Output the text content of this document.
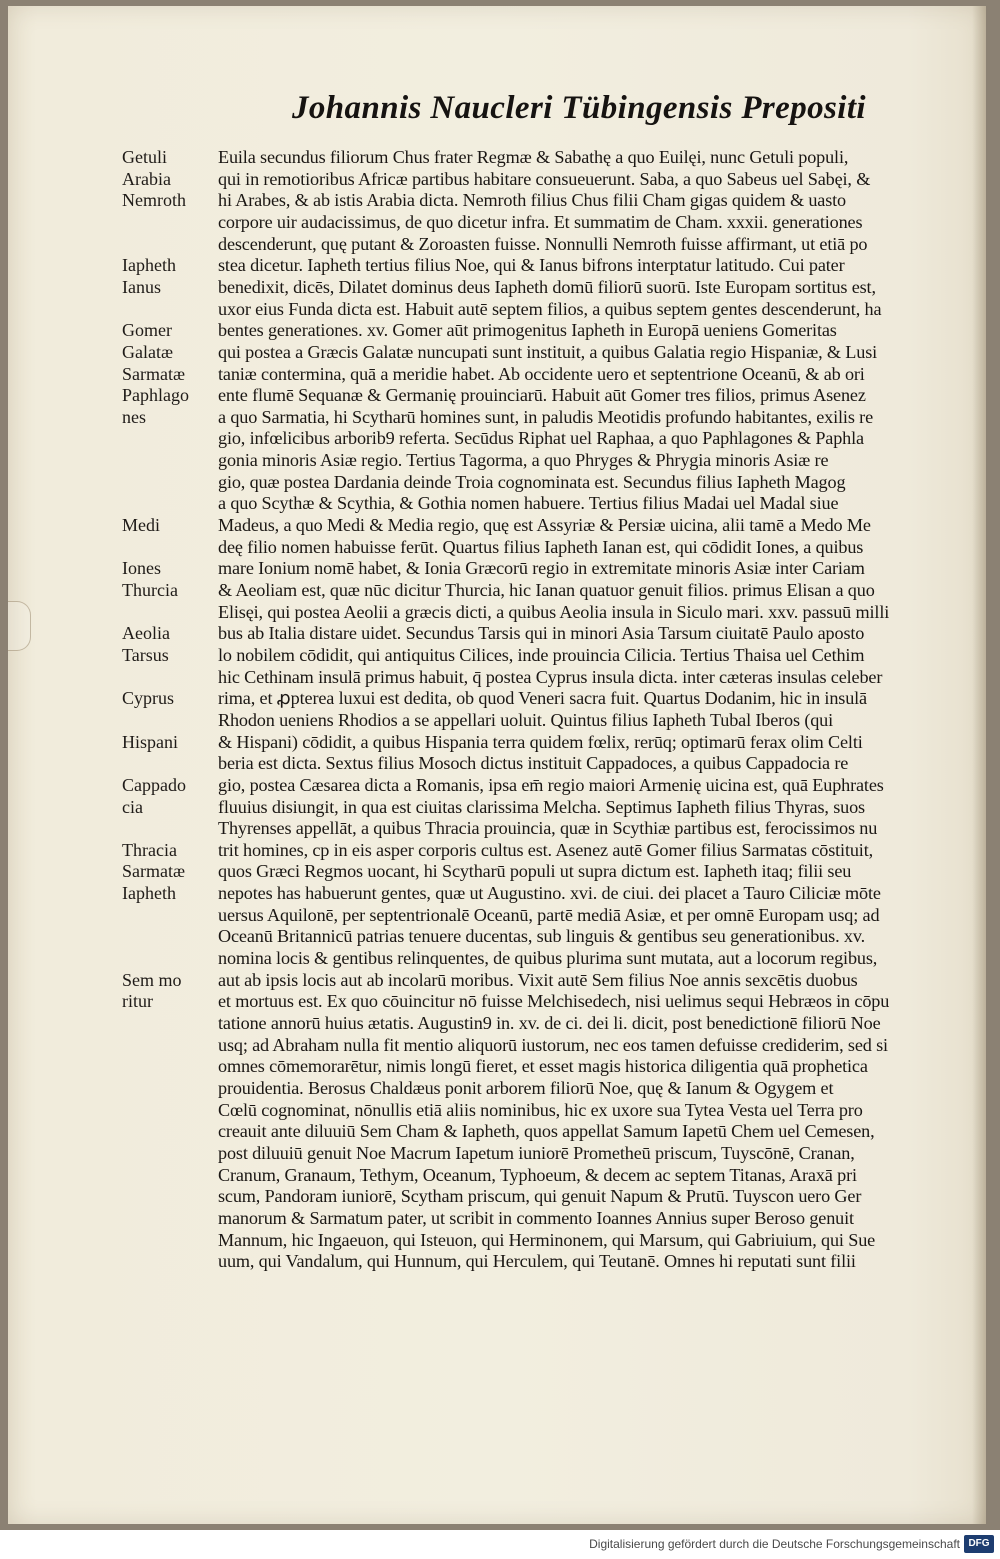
Johannis Naucleri Tübingensis Prepositi
Getuli
Arabia
Nemroth
Iapheth
Ianus
Gomer
Galatæ
Sarmatæ
Paphlago
nes
Medi
Iones
Thurcia
Aeolia
Tarsus
Cyprus
Hispani
Cappado
cia
Thracia
Sarmatæ
Iapheth
Sem mo
ritur
Euila secundus filiorum Chus frater Regmæ & Sabathę a quo Euilęi, nunc Getuli populi,
qui in remotioribus Africæ partibus habitare consueuerunt. Saba, a quo Sabeus uel Sabęi, &
hi Arabes, & ab istis Arabia dicta. Nemroth filius Chus filii Cham gigas quidem & uasto
corpore uir audacissimus, de quo dicetur infra. Et summatim de Cham. xxxii. generationes
descenderunt, quę putant & Zoroasten fuisse. Nonnulli Nemroth fuisse affirmant, ut etiā po
stea dicetur. Iapheth tertius filius Noe, qui & Ianus bifrons interptatur latitudo. Cui pater
benedixit, dicēs, Dilatet dominus deus Iapheth domū filiorū suorū. Iste Europam sortitus est,
uxor eius Funda dicta est. Habuit autē septem filios, a quibus septem gentes descenderunt, ha
bentes generationes. xv. Gomer aūt primogenitus Iapheth in Europā ueniens Gomeritas
qui postea a Græcis Galatæ nuncupati sunt instituit, a quibus Galatia regio Hispaniæ, & Lusi
taniæ contermina, quā a meridie habet. Ab occidente uero et septentrione Oceanū, & ab ori
ente flumē Sequanæ & Germanię prouinciarū. Habuit aūt Gomer tres filios, primus Asenez
a quo Sarmatia, hi Scytharū homines sunt, in paludis Meotidis profundo habitantes, exilis re
gio, infœlicibus arborib9 referta. Secūdus Riphat uel Raphaa, a quo Paphlagones & Paphla
gonia minoris Asiæ regio. Tertius Tagorma, a quo Phryges & Phrygia minoris Asiæ re
gio, quæ postea Dardania deinde Troia cognominata est. Secundus filius Iapheth Magog
a quo Scythæ & Scythia, & Gothia nomen habuere. Tertius filius Madai uel Madal siue
Madeus, a quo Medi & Media regio, quę est Assyriæ & Persiæ uicina, alii tamē a Medo Me
deę filio nomen habuisse ferūt. Quartus filius Iapheth Ianan est, qui cōdidit Iones, a quibus
mare Ionium nomē habet, & Ionia Græcorū regio in extremitate minoris Asiæ inter Cariam
& Aeoliam est, quæ nūc dicitur Thurcia, hic Ianan quatuor genuit filios. primus Elisan a quo
Elisęi, qui postea Aeolii a græcis dicti, a quibus Aeolia insula in Siculo mari. xxv. passuū milli
bus ab Italia distare uidet. Secundus Tarsis qui in minori Asia Tarsum ciuitatē Paulo aposto
lo nobilem cōdidit, qui antiquitus Cilices, inde prouincia Cilicia. Tertius Thaisa uel Cethim
hic Cethinam insulā primus habuit, q̄ postea Cyprus insula dicta. inter cæteras insulas celeber
rima, et ꝓpterea luxui est dedita, ob quod Veneri sacra fuit. Quartus Dodanim, hic in insulā
Rhodon ueniens Rhodios a se appellari uoluit. Quintus filius Iapheth Tubal Iberos (qui
& Hispani) cōdidit, a quibus Hispania terra quidem fœlix, rerūq; optimarū ferax olim Celti
beria est dicta. Sextus filius Mosoch dictus instituit Cappadoces, a quibus Cappadocia re
gio, postea Cæsarea dicta a Romanis, ipsa em̄ regio maiori Armenię uicina est, quā Euphrates
fluuius disiungit, in qua est ciuitas clarissima Melcha. Septimus Iapheth filius Thyras, suos
Thyrenses appellāt, a quibus Thracia prouincia, quæ in Scythiæ partibus est, ferocissimos nu
trit homines, cp in eis asper corporis cultus est. Asenez autē Gomer filius Sarmatas cōstituit,
quos Græci Regmos uocant, hi Scytharū populi ut supra dictum est. Iapheth itaq; filii seu
nepotes has habuerunt gentes, quæ ut Augustino. xvi. de ciui. dei placet a Tauro Ciliciæ mōte
uersus Aquilonē, per septentrionalē Oceanū, partē mediā Asiæ, et per omnē Europam usq; ad
Oceanū Britannicū patrias tenuere ducentas, sub linguis & gentibus seu generationibus. xv.
nomina locis & gentibus relinquentes, de quibus plurima sunt mutata, aut a locorum regibus,
aut ab ipsis locis aut ab incolarū moribus. Vixit autē Sem filius Noe annis sexcētis duobus
et mortuus est. Ex quo cōuincitur nō fuisse Melchisedech, nisi uelimus sequi Hebræos in cōpu
tatione annorū huius ætatis. Augustin9 in. xv. de ci. dei li. dicit, post benedictionē filiorū Noe
usq; ad Abraham nulla fit mentio aliquorū iustorum, nec eos tamen defuisse crediderim, sed si
omnes cōmemorarētur, nimis longū fieret, et esset magis historica diligentia quā prophetica
prouidentia. Berosus Chaldæus ponit arborem filiorū Noe, quę & Ianum & Ogygem et
Cœlū cognominat, nōnullis etiā aliis nominibus, hic ex uxore sua Tytea Vesta uel Terra pro
creauit ante diluuiū Sem Cham & Iapheth, quos appellat Samum Iapetū Chem uel Cemesen,
post diluuiū genuit Noe Macrum Iapetum iuniorē Prometheū priscum, Tuyscōnē, Cranan,
Cranum, Granaum, Tethym, Oceanum, Typhoeum, & decem ac septem Titanas, Araxā pri
scum, Pandoram iuniorē, Scytham priscum, qui genuit Napum & Prutū. Tuyscon uero Ger
manorum & Sarmatum pater, ut scribit in commento Ioannes Annius super Beroso genuit
Mannum, hic Ingaeuon, qui Isteuon, qui Herminonem, qui Marsum, qui Gabriuium, qui Sue
uum, qui Vandalum, qui Hunnum, qui Herculem, qui Teutanē. Omnes hi reputati sunt filii
Digitalisierung gefördert durch die Deutsche Forschungsgemeinschaft DFG
